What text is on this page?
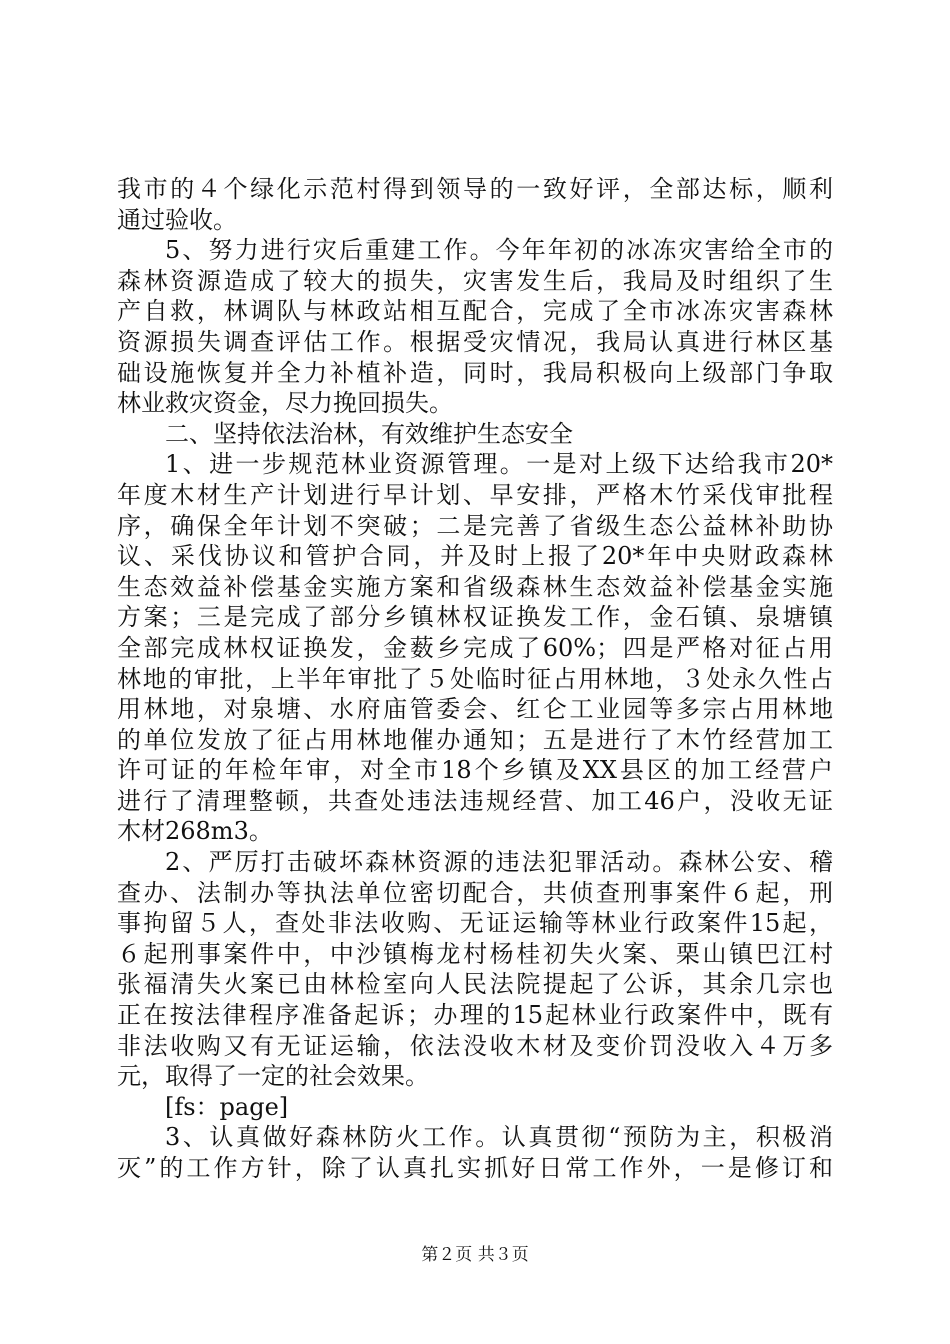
我市的４个绿化示范村得到领导的一致好评，全部达标，顺利
通过验收。
5、努力进行灾后重建工作。今年年初的冰冻灾害给全市的
森林资源造成了较大的损失，灾害发生后，我局及时组织了生
产自救，林调队与林政站相互配合，完成了全市冰冻灾害森林
资源损失调查评估工作。根据受灾情况，我局认真进行林区基
础设施恢复并全力补植补造，同时，我局积极向上级部门争取
林业救灾资金，尽力挽回损失。
二、坚持依法治林，有效维护生态安全
1、进一步规范林业资源管理。一是对上级下达给我市20*
年度木材生产计划进行早计划、早安排，严格木竹采伐审批程
序，确保全年计划不突破；二是完善了省级生态公益林补助协
议、采伐协议和管护合同，并及时上报了20*年中央财政森林
生态效益补偿基金实施方案和省级森林生态效益补偿基金实施
方案；三是完成了部分乡镇林权证换发工作，金石镇、泉塘镇
全部完成林权证换发，金薮乡完成了60%；四是严格对征占用
林地的审批，上半年审批了５处临时征占用林地，３处永久性占
用林地，对泉塘、水府庙管委会、红仑工业园等多宗占用林地
的单位发放了征占用林地催办通知；五是进行了木竹经营加工
许可证的年检年审，对全市18个乡镇及XX县区的加工经营户
进行了清理整顿，共查处违法违规经营、加工46户，没收无证
木材268m3。
2、严厉打击破坏森林资源的违法犯罪活动。森林公安、稽
查办、法制办等执法单位密切配合，共侦查刑事案件６起，刑
事拘留５人，查处非法收购、无证运输等林业行政案件15起，
６起刑事案件中，中沙镇梅龙村杨桂初失火案、栗山镇巴江村
张福清失火案已由林检室向人民法院提起了公诉，其余几宗也
正在按法律程序准备起诉；办理的15起林业行政案件中，既有
非法收购又有无证运输，依法没收木材及变价罚没收入４万多
元，取得了一定的社会效果。
[fs：page]
3、认真做好森林防火工作。认真贯彻“预防为主，积极消
灭”的工作方针，除了认真扎实抓好日常工作外，一是修订和
第２页 共３页
